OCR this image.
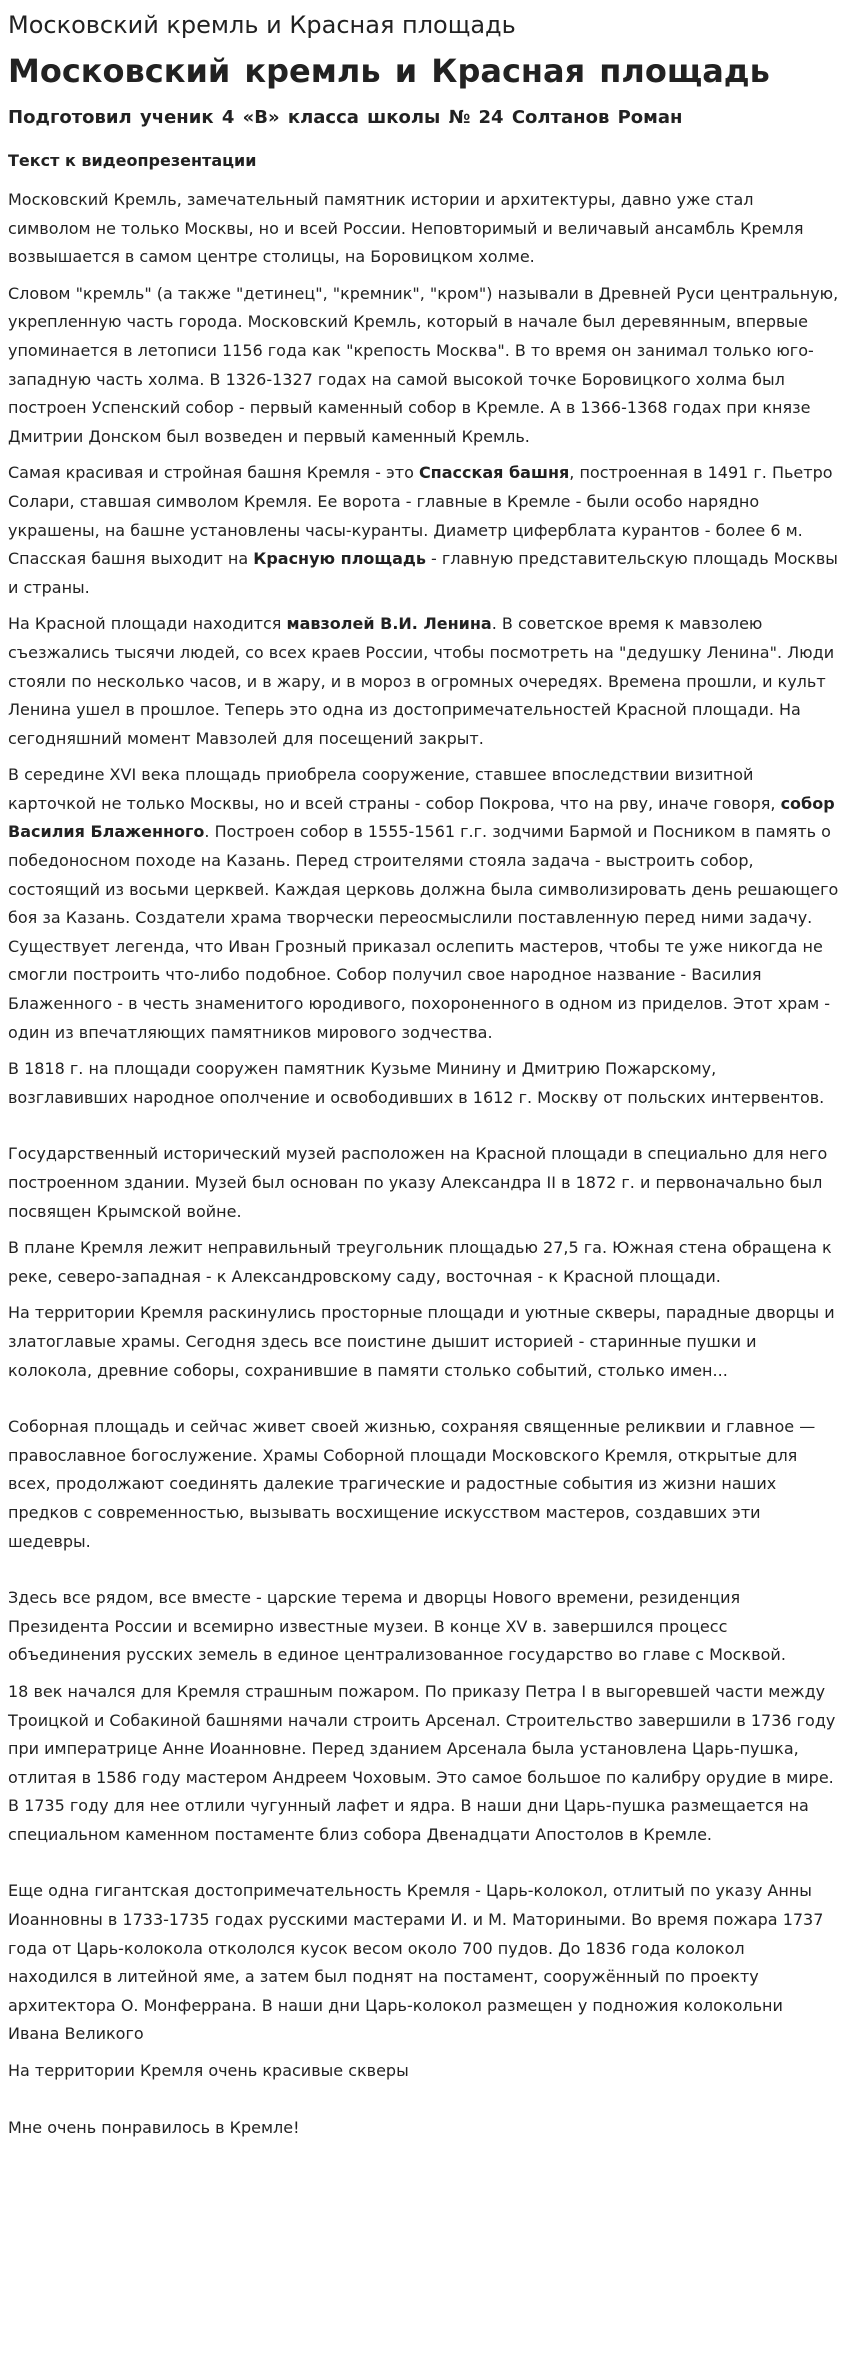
Московский кремль и Красная площадь
Московский кремль и Красная площадь
Подготовил ученик 4 «В» класса школы № 24 Солтанов Роман
Текст к видеопрезентации

Московский Кремль, замечательный памятник истории и архитектуры, давно уже стал символом не только Москвы, но и всей России. Неповторимый и величавый ансамбль Кремля возвышается в самом центре столицы, на Боровицком холме.

Словом "кремль" (а также "детинец", "кремник", "кром") называли в Древней Руси центральную, укрепленную часть города. Московский Кремль, который в начале был деревянным, впервые упоминается в летописи 1156 года как "крепость Москва". В то время он занимал только юго-западную часть холма. В 1326-1327 годах на самой высокой точке Боровицкого холма был построен Успенский собор - первый каменный собор в Кремле. А в 1366-1368 годах при князе Дмитрии Донском был возведен и первый каменный Кремль.

Самая красивая и стройная башня Кремля - это Спасская башня, построенная в 1491 г. Пьетро Солари, ставшая символом Кремля. Ее ворота - главные в Кремле - были особо нарядно украшены, на башне установлены часы-куранты. Диаметр циферблата курантов - более 6 м. Спасская башня выходит на Красную площадь - главную представительскую площадь Москвы и страны.

На Красной площади находится мавзолей В.И. Ленина. В советское время к мавзолею съезжались тысячи людей, со всех краев России, чтобы посмотреть на "дедушку Ленина". Люди стояли по несколько часов, и в жару, и в мороз в огромных очередях. Времена прошли, и культ Ленина ушел в прошлое. Теперь это одна из достопримечательностей Красной площади. На сегодняшний момент Мавзолей для посещений закрыт.

В середине XVI века площадь приобрела сооружение, ставшее впоследствии визитной карточкой не только Москвы, но и всей страны - собор Покрова, что на рву, иначе говоря, собор Василия Блаженного. Построен собор в 1555-1561 г.г. зодчими Бармой и Посником в память о победоносном походе на Казань. Перед строителями стояла задача - выстроить собор, состоящий из восьми церквей. Каждая церковь должна была символизировать день решающего боя за Казань. Создатели храма творчески переосмыслили поставленную перед ними задачу. Существует легенда, что Иван Грозный приказал ослепить мастеров, чтобы те уже никогда не смогли построить что-либо подобное. Собор получил свое народное название - Василия Блаженного - в честь знаменитого юродивого, похороненного в одном из приделов. Этот храм - один из впечатляющих памятников мирового зодчества.

В 1818 г. на площади сооружен памятник Кузьме Минину и Дмитрию Пожарскому, возглавивших народное ополчение и освободивших в 1612 г. Москву от польских интервентов.

Государственный исторический музей расположен на Красной площади в специально для него построенном здании. Музей был основан по указу Александра II в 1872 г. и первоначально был посвящен Крымской войне.

В плане Кремля лежит неправильный треугольник площадью 27,5 га. Южная стена обращена к реке, северо-западная - к Александровскому саду, восточная - к Красной площади.

На территории Кремля раскинулись просторные площади и уютные скверы, парадные дворцы и златоглавые храмы. Сегодня здесь все поистине дышит историей - старинные пушки и колокола, древние соборы, сохранившие в памяти столько событий, столько имен...

Соборная площадь и сейчас живет своей жизнью, сохраняя священные реликвии и главное — православное богослужение. Храмы Соборной площади Московского Кремля, открытые для всех, продолжают соединять далекие трагические и радостные события из жизни наших предков с современностью, вызывать восхищение искусством мастеров, создавших эти шедевры.

Здесь все рядом, все вместе - царские терема и дворцы Нового времени, резиденция Президента России и всемирно известные музеи. В конце XV в. завершился процесс объединения русских земель в единое централизованное государство во главе с Москвой.

18 век начался для Кремля страшным пожаром. По приказу Петра I в выгоревшей части между Троицкой и Собакиной башнями начали строить Арсенал. Строительство завершили в 1736 году при императрице Анне Иоанновне. Перед зданием Арсенала была установлена Царь-пушка, отлитая в 1586 году мастером Андреем Чоховым. Это самое большое по калибру орудие в мире. В 1735 году для нее отлили чугунный лафет и ядра. В наши дни Царь-пушка размещается на специальном каменном постаменте близ собора Двенадцати Апостолов в Кремле.

Еще одна гигантская достопримечательность Кремля - Царь-колокол, отлитый по указу Анны Иоанновны в 1733-1735 годах русскими мастерами И. и М. Маториными. Во время пожара 1737 года от Царь-колокола откололся кусок весом около 700 пудов. До 1836 года колокол находился в литейной яме, а затем был поднят на постамент, сооружённый по проекту архитектора О. Монферрана. В наши дни Царь-колокол размещен у подножия колокольни Ивана Великого

На территории Кремля очень красивые скверы

Мне очень понравилось в Кремле!
